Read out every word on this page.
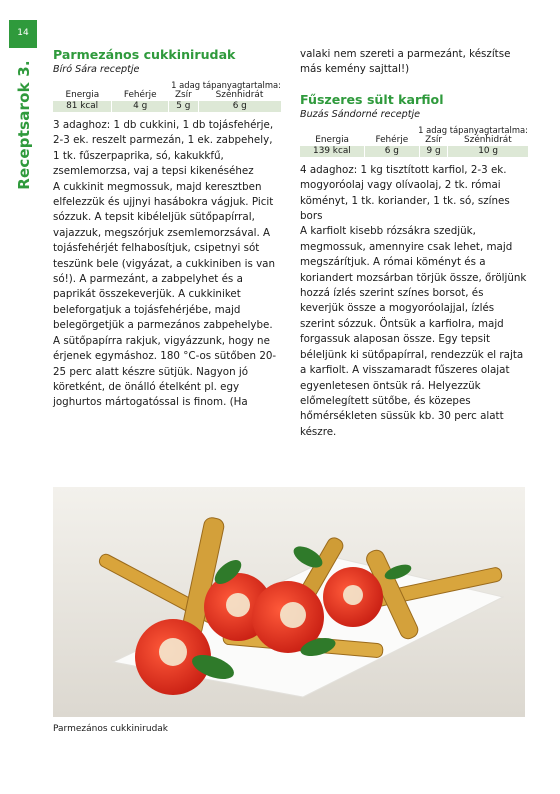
14
Receptsarok 3.
Parmezános cukkinirudak

Bíró Sára receptje

1 adag tápanyagtartalma:
Energia	Fehérje	Zsír	Szénhidrát
81 kcal	4 g	5 g	6 g

3 adaghoz: 1 db cukkini, 1 db tojásfehérje, 2-3 ek. reszelt parmezán, 1 ek. zabpehely, 1 tk. fűszerpaprika, só, kakukkfű, zsemlemorzsa, vaj a tepsi kikenéséhez

A cukkinit megmossuk, majd keresztben elfelezzük és ujjnyi hasábokra vágjuk. Picit sózzuk. A tepsit kibéleljük sütőpapírral, vajazzuk, megszórjuk zsemlemorzsával. A tojásfehérjét felhabosítjuk, csipetnyi sót teszünk bele (vigyázat, a cukkiniben is van só!). A parmezánt, a zabpelyhet és a paprikát összekeverjük. A cukkiniket beleforgatjuk a tojásfehérjébe, majd belegörgetjük a parmezános zabpehelybe. A sütőpapírra rakjuk, vigyázzunk, hogy ne érjenek egymáshoz. 180 °C-os sütőben 20-25 perc alatt készre sütjük. Nagyon jó köretként, de önálló ételként pl. egy joghurtos mártogatóssal is finom. (Ha

valaki nem szereti a parmezánt, készítse más kemény sajttal!)

Fűszeres sült karfiol

Buzás Sándorné receptje

1 adag tápanyagtartalma:
Energia	Fehérje	Zsír	Szénhidrát
139 kcal	6 g	9 g	10 g

4 adaghoz: 1 kg tisztított karfiol, 2-3 ek. mogyoróolaj vagy olívaolaj, 2 tk. római köményt, 1 tk. koriander, 1 tk. só, színes bors

A karfiolt kisebb rózsákra szedjük, megmossuk, amennyire csak lehet, majd megszárítjuk. A római köményt és a koriandert mozsárban törjük össze, őröljünk hozzá ízlés szerint színes borsot, és keverjük össze a mogyoróolajjal, ízlés szerint sózzuk. Öntsük a karfiolra, majd forgassuk alaposan össze. Egy tepsit béleljünk ki sütőpapírral, rendezzük el rajta a karfiolt. A visszamaradt fűszeres olajat egyenletesen öntsük rá. Helyezzük előmelegített sütőbe, és közepes hőmérsékleten süssük kb. 30 perc alatt készre.

Parmezános cukkinirudak
